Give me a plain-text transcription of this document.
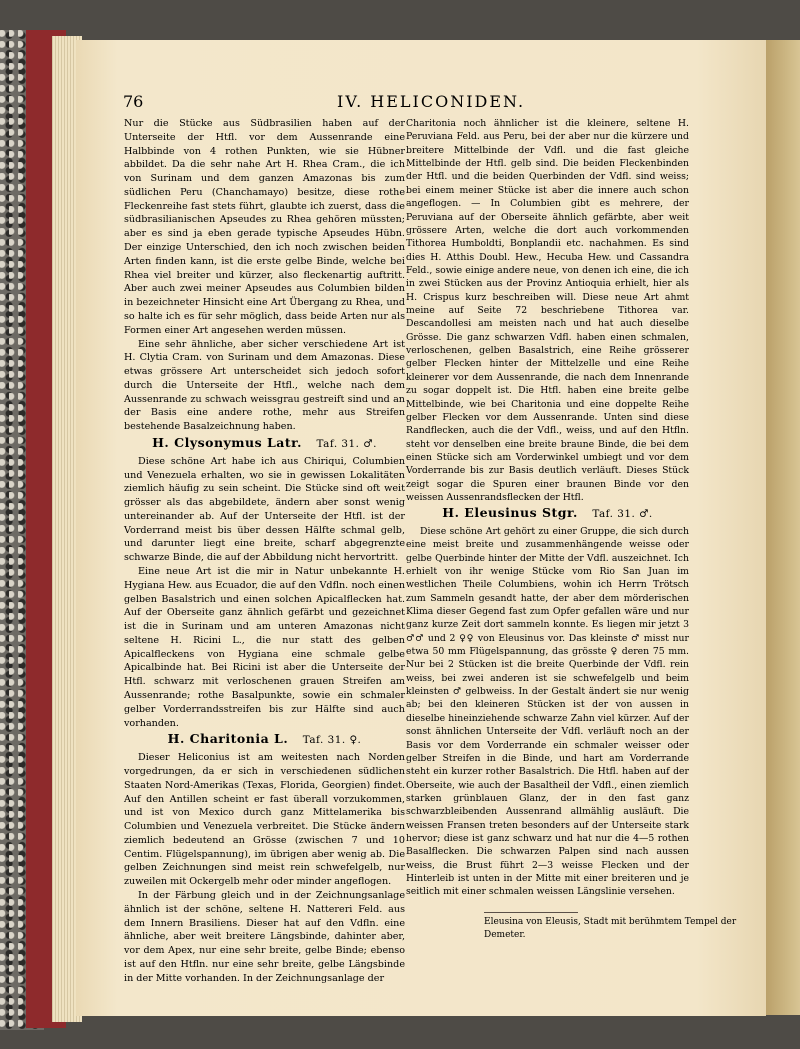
76	IV. HELICONIDEN.

Nur die Stücke aus Südbrasilien haben auf der Unterseite der Htfl. vor dem Aussenrande eine Halbbinde von 4 rothen Punkten, wie sie Hübner abbildet. Da die sehr nahe Art H. Rhea Cram., die ich von Surinam und dem ganzen Amazonas bis zum südlichen Peru (Chanchamayo) besitze, diese rothe Fleckenreihe fast stets führt, glaubte ich zuerst, dass die südbrasilianischen Apseudes zu Rhea gehören müssten; aber es sind ja eben gerade typische Apseudes Hübn. Der einzige Unterschied, den ich noch zwischen beiden Arten finden kann, ist die erste gelbe Binde, welche bei Rhea viel breiter und kürzer, also fleckenartig auftritt. Aber auch zwei meiner Apseudes aus Columbien bilden in bezeichneter Hinsicht eine Art Übergang zu Rhea, und so halte ich es für sehr möglich, dass beide Arten nur als Formen einer Art angesehen werden müssen.

Eine sehr ähnliche, aber sicher verschiedene Art ist H. Clytia Cram. von Surinam und dem Amazonas. Diese etwas grössere Art unterscheidet sich jedoch sofort durch die Unterseite der Htfl., welche nach dem Aussenrande zu schwach weissgrau gestreift sind und an der Basis eine andere rothe, mehr aus Streifen bestehende Basalzeichnung haben.

H. Clysonymus Latr. Taf. 31. ♂.

Diese schöne Art habe ich aus Chiriqui, Columbien und Venezuela erhalten, wo sie in gewissen Lokalitäten ziemlich häufig zu sein scheint. Die Stücke sind oft weit grösser als das abgebildete, ändern aber sonst wenig untereinander ab. Auf der Unterseite der Htfl. ist der Vorderrand meist bis über dessen Hälfte schmal gelb, und darunter liegt eine breite, scharf abgegrenzte schwarze Binde, die auf der Abbildung nicht hervortritt.

Eine neue Art ist die mir in Natur unbekannte H. Hygiana Hew. aus Ecuador, die auf den Vdfln. noch einen gelben Basalstrich und einen solchen Apicalflecken hat. Auf der Oberseite ganz ähnlich gefärbt und gezeichnet ist die in Surinam und am unteren Amazonas nicht seltene H. Ricini L., die nur statt des gelben Apicalfleckens von Hygiana eine schmale gelbe Apicalbinde hat. Bei Ricini ist aber die Unterseite der Htfl. schwarz mit verloschenen grauen Streifen am Aussenrande; rothe Basalpunkte, sowie ein schmaler gelber Vorderrandsstreifen bis zur Hälfte sind auch vorhanden.

H. Charitonia L. Taf. 31. ♀.

Dieser Heliconius ist am weitesten nach Norden vorgedrungen, da er sich in verschiedenen südlichen Staaten Nord-Amerikas (Texas, Florida, Georgien) findet. Auf den Antillen scheint er fast überall vorzukommen, und ist von Mexico durch ganz Mittelamerika bis Columbien und Venezuela verbreitet. Die Stücke ändern ziemlich bedeutend an Grösse (zwischen 7 und 10 Centim. Flügelspannung), im übrigen aber wenig ab. Die gelben Zeichnungen sind meist rein schwefelgelb, nur zuweilen mit Ockergelb mehr oder minder angeflogen.

In der Färbung gleich und in der Zeichnungsanlage ähnlich ist der schöne, seltene H. Nattereri Feld. aus dem Innern Brasiliens. Dieser hat auf den Vdfln. eine ähnliche, aber weit breitere Längsbinde, dahinter aber, vor dem Apex, nur eine sehr breite, gelbe Binde; ebenso ist auf den Htfln. nur eine sehr breite, gelbe Längsbinde in der Mitte vorhanden. In der Zeichnungsanlage der

Charitonia noch ähnlicher ist die kleinere, seltene H. Peruviana Feld. aus Peru, bei der aber nur die kürzere und breitere Mittelbinde der Vdfl. und die fast gleiche Mittelbinde der Htfl. gelb sind. Die beiden Fleckenbinden der Htfl. und die beiden Querbinden der Vdfl. sind weiss; bei einem meiner Stücke ist aber die innere auch schon angeflogen. — In Columbien gibt es mehrere, der Peruviana auf der Oberseite ähnlich gefärbte, aber weit grössere Arten, welche die dort auch vorkommenden Tithorea Humboldti, Bonplandii etc. nachahmen. Es sind dies H. Atthis Doubl. Hew., Hecuba Hew. und Cassandra Feld., sowie einige andere neue, von denen ich eine, die ich in zwei Stücken aus der Provinz Antioquia erhielt, hier als H. Crispus kurz beschreiben will. Diese neue Art ahmt meine auf Seite 72 beschriebene Tithorea var. Descandollesi am meisten nach und hat auch dieselbe Grösse. Die ganz schwarzen Vdfl. haben einen schmalen, verloschenen, gelben Basalstrich, eine Reihe grösserer gelber Flecken hinter der Mittelzelle und eine Reihe kleinerer vor dem Aussenrande, die nach dem Innenrande zu sogar doppelt ist. Die Htfl. haben eine breite gelbe Mittelbinde, wie bei Charitonia und eine doppelte Reihe gelber Flecken vor dem Aussenrande. Unten sind diese Randflecken, auch die der Vdfl., weiss, und auf den Htfln. steht vor denselben eine breite braune Binde, die bei dem einen Stücke sich am Vorderwinkel umbiegt und vor dem Vorderrande bis zur Basis deutlich verläuft. Dieses Stück zeigt sogar die Spuren einer braunen Binde vor den weissen Aussenrandsflecken der Htfl.

H. Eleusinus Stgr. Taf. 31. ♂.

Diese schöne Art gehört zu einer Gruppe, die sich durch eine meist breite und zusammenhängende weisse oder gelbe Querbinde hinter der Mitte der Vdfl. auszeichnet. Ich erhielt von ihr wenige Stücke vom Rio San Juan im westlichen Theile Columbiens, wohin ich Herrn Trötsch zum Sammeln gesandt hatte, der aber dem mörderischen Klima dieser Gegend fast zum Opfer gefallen wäre und nur ganz kurze Zeit dort sammeln konnte. Es liegen mir jetzt 3 ♂♂ und 2 ♀♀ von Eleusinus vor. Das kleinste ♂ misst nur etwa 50 mm Flügelspannung, das grösste ♀ deren 75 mm. Nur bei 2 Stücken ist die breite Querbinde der Vdfl. rein weiss, bei zwei anderen ist sie schwefelgelb und beim kleinsten ♂ gelbweiss. In der Gestalt ändert sie nur wenig ab; bei den kleineren Stücken ist der von aussen in dieselbe hineinziehende schwarze Zahn viel kürzer. Auf der sonst ähnlichen Unterseite der Vdfl. verläuft noch an der Basis vor dem Vorderrande ein schmaler weisser oder gelber Streifen in die Binde, und hart am Vorderrande steht ein kurzer rother Basalstrich. Die Htfl. haben auf der Oberseite, wie auch der Basaltheil der Vdfl., einen ziemlich starken grünblauen Glanz, der in den fast ganz schwarzbleibenden Aussenrand allmählig ausläuft. Die weissen Fransen treten besonders auf der Unterseite stark hervor; diese ist ganz schwarz und hat nur die 4—5 rothen Basalflecken. Die schwarzen Palpen sind nach aussen weiss, die Brust führt 2—3 weisse Flecken und der Hinterleib ist unten in der Mitte mit einer breiteren und je seitlich mit einer schmalen weissen Längslinie versehen.

Eleusina von Eleusis, Stadt mit berühmtem Tempel der Demeter.
